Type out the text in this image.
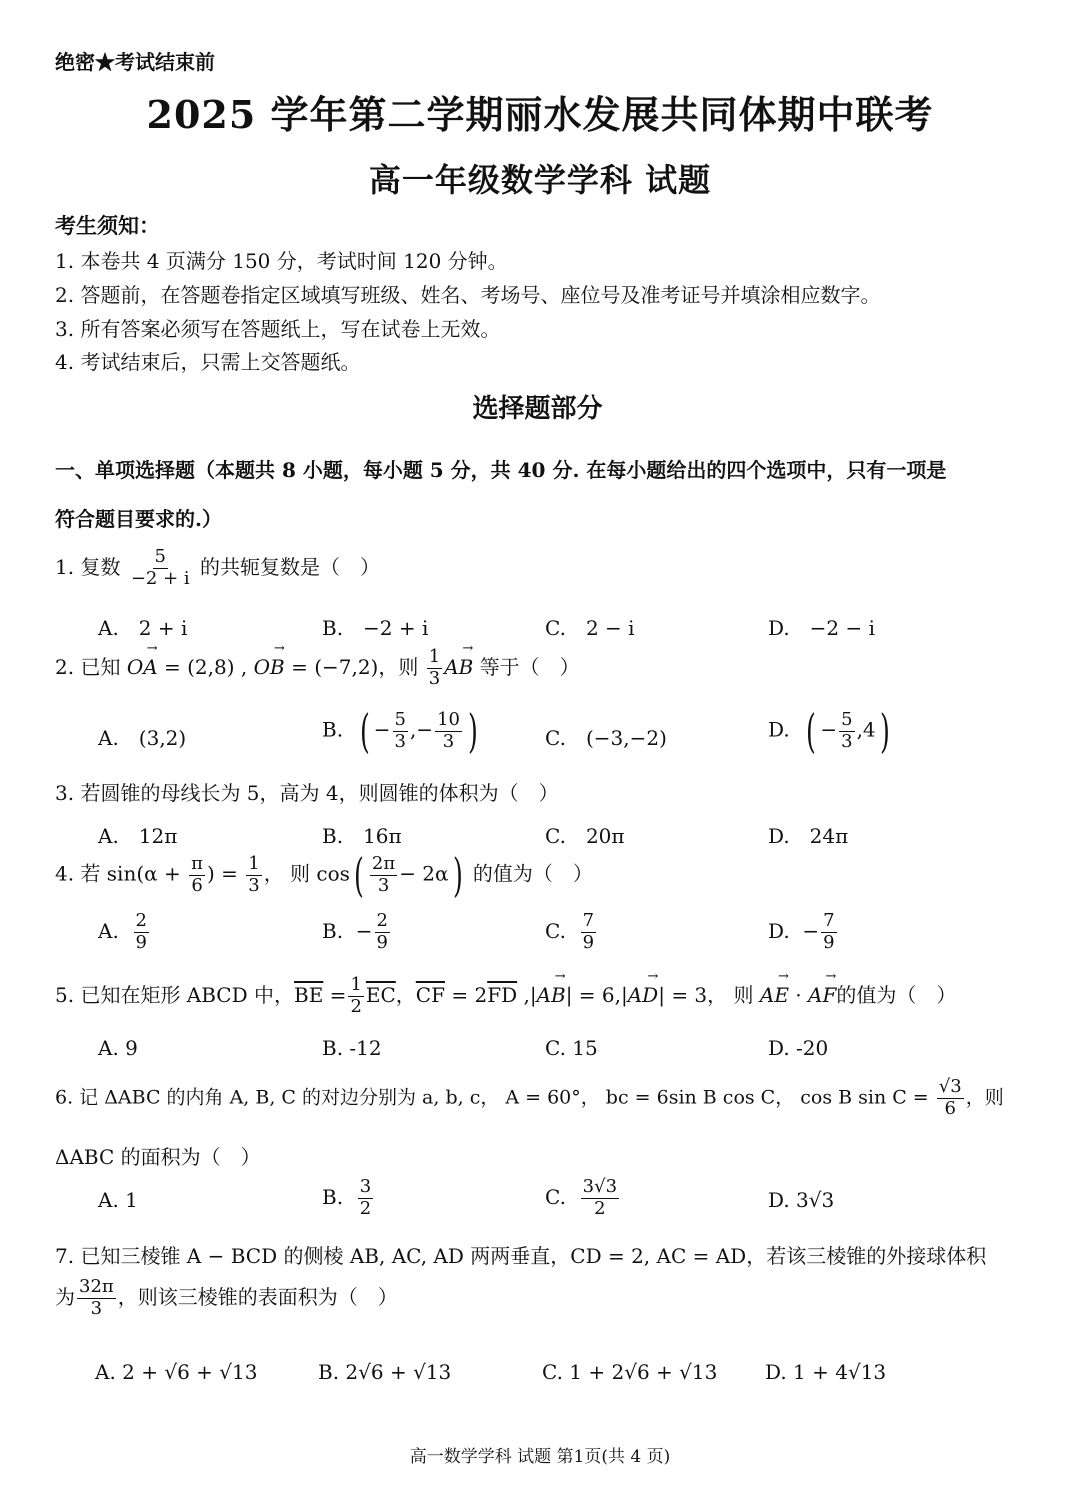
绝密★考试结束前
2025 学年第二学期丽水发展共同体期中联考
高一年级数学学科 试题
考生须知：
1. 本卷共 4 页满分 150 分，考试时间 120 分钟。
2. 答题前，在答题卷指定区域填写班级、姓名、考场号、座位号及准考证号并填涂相应数字。
3. 所有答案必须写在答题纸上，写在试卷上无效。
4. 考试结束后，只需上交答题纸。
选择题部分
一、单项选择题（本题共 8 小题，每小题 5 分，共 40 分. 在每小题给出的四个选项中，只有一项是
符合题目要求的.）
1. 复数 $\frac{5}{-2 + i}$ 的共轭复数是（　）
A.　2 + i	B.　−2 + i	C.　2 − i	D.　−2 − i
2. 已知 OA → = (2,8) , OB → = (−7,2)，则 $\frac{1}{3}$ AB → 等于（　）
A.　(3,2)	B. ( − $\frac{5}{3}$ ,− $\frac{10}{3}$ )	C.　(−3,−2)	D. ( − $\frac{5}{3} ,4$)
3. 若圆锥的母线长为 5，高为 4，则圆锥的体积为（　）
A.　12π	B.　16π	C.　20π	D.　24π
4. 若 $\sin(\alpha + \frac{\pi}{6}$ ) = $\frac{1}{3}$ ， 则 $\cos( \frac{2\pi}{3} - 2\alpha)$ 的值为（　）
A. $\frac{2}{9}$	B. − $\frac{2}{9}$	C. $\frac{7}{9}$	D. − $\frac{7}{9}$
5. 已知在矩形 ABCD 中，$\overline{BE} = \frac{1}{2} \overline{EC}$，$\overline{CF} = 2\overline{FD}$ ,|AB →| = 6,|AD →| = 3， 则 AE → · AF →的值为（　）
A. 9	B. -12	C. 15	D. -20
6. 记 ΔABC 的内角 A, B, C 的对边分别为 a, b, c， A = 60°， bc = 6sin B cos C， cos B $\sin C = \frac{√3}{6}$ ，则
ΔABC 的面积为（　）
A. 1	B. $\frac{3}{2}$	C. $\frac{3√3}{2}$	D. 3√3
7. 已知三棱锥 A − BCD 的侧棱 AB, AC, AD 两两垂直，CD = 2, AC = AD，若该三棱锥的外接球体积
为 $\frac{32\pi}{3}$ ，则该三棱锥的表面积为（　）
A. 2 + √6 + √13	B. 2√6 + √13	C. 1 + 2√6 + √13 D. 1 + 4√13
高一数学学科 试题 第1页(共 4 页)
